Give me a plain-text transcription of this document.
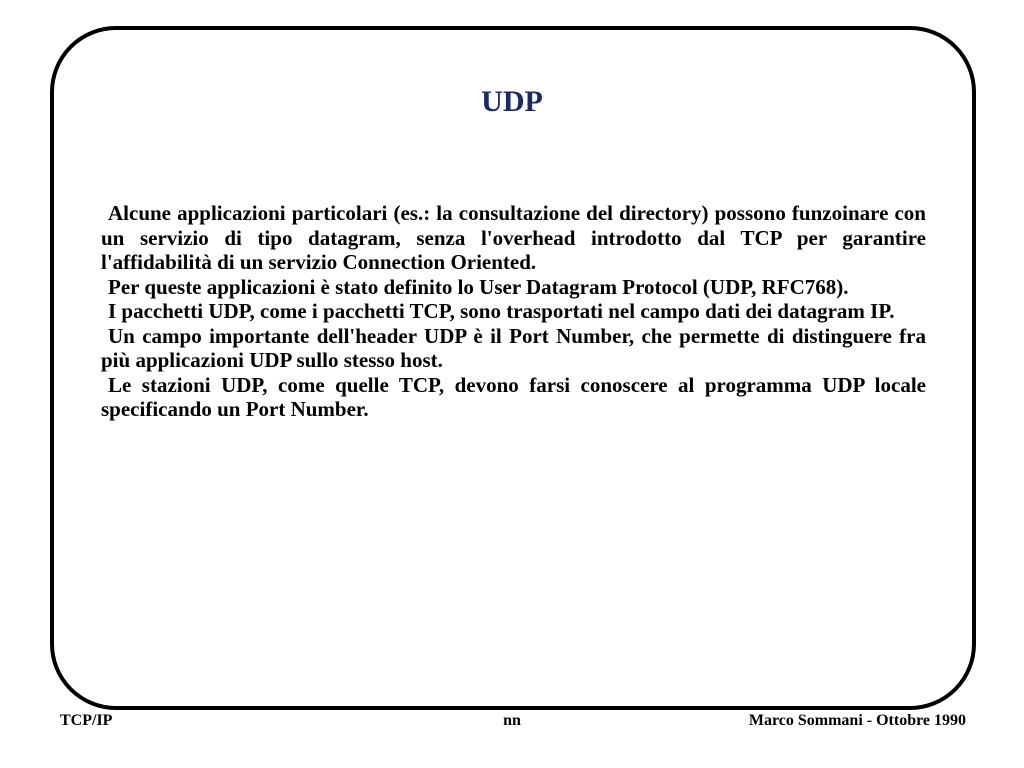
UDP

Alcune applicazioni particolari (es.: la consultazione del directory) possono funzoinare con un servizio di tipo datagram, senza l'overhead introdotto dal TCP per garantire l'affidabilità di un servizio Connection Oriented.

Per queste applicazioni è stato definito lo User Datagram Protocol (UDP, RFC768).

I pacchetti UDP, come i pacchetti TCP, sono trasportati nel campo dati dei datagram IP.

Un campo importante dell'header UDP è il Port Number, che permette di distinguere fra più applicazioni UDP sullo stesso host.

Le stazioni UDP, come quelle TCP, devono farsi conoscere al programma UDP locale specificando un Port Number.

TCP/IP	nn	Marco Sommani - Ottobre 1990
